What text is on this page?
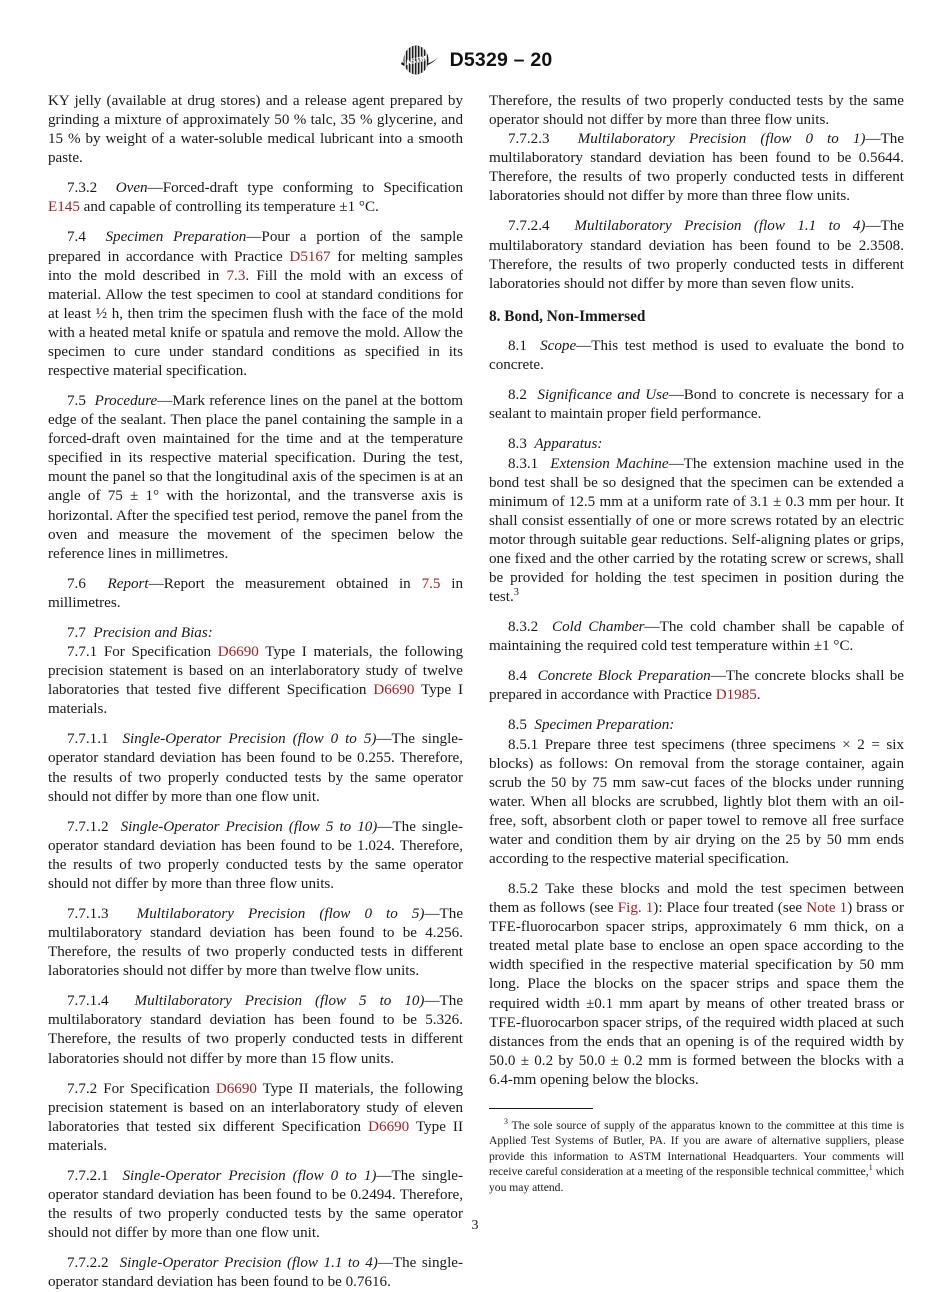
ASTM D5329 – 20

KY jelly (available at drug stores) and a release agent prepared by grinding a mixture of approximately 50 % talc, 35 % glycerine, and 15 % by weight of a water-soluble medical lubricant into a smooth paste.

7.3.2 Oven—Forced-draft type conforming to Specification E145 and capable of controlling its temperature ±1 °C.

7.4 Specimen Preparation—Pour a portion of the sample prepared in accordance with Practice D5167 for melting samples into the mold described in 7.3. Fill the mold with an excess of material. Allow the test specimen to cool at standard conditions for at least ½ h, then trim the specimen flush with the face of the mold with a heated metal knife or spatula and remove the mold. Allow the specimen to cure under standard conditions as specified in its respective material specification.

7.5 Procedure—Mark reference lines on the panel at the bottom edge of the sealant. Then place the panel containing the sample in a forced-draft oven maintained for the time and at the temperature specified in its respective material specification. During the test, mount the panel so that the longitudinal axis of the specimen is at an angle of 75 ± 1° with the horizontal, and the transverse axis is horizontal. After the specified test period, remove the panel from the oven and measure the movement of the specimen below the reference lines in millimetres.

7.6 Report—Report the measurement obtained in 7.5 in millimetres.

7.7 Precision and Bias:

7.7.1 For Specification D6690 Type I materials, the following precision statement is based on an interlaboratory study of twelve laboratories that tested five different Specification D6690 Type I materials.

7.7.1.1 Single-Operator Precision (flow 0 to 5)—The single-operator standard deviation has been found to be 0.255. Therefore, the results of two properly conducted tests by the same operator should not differ by more than one flow unit.

7.7.1.2 Single-Operator Precision (flow 5 to 10)—The single-operator standard deviation has been found to be 1.024. Therefore, the results of two properly conducted tests by the same operator should not differ by more than three flow units.

7.7.1.3 Multilaboratory Precision (flow 0 to 5)—The multilaboratory standard deviation has been found to be 4.256. Therefore, the results of two properly conducted tests in different laboratories should not differ by more than twelve flow units.

7.7.1.4 Multilaboratory Precision (flow 5 to 10)—The multilaboratory standard deviation has been found to be 5.326. Therefore, the results of two properly conducted tests in different laboratories should not differ by more than 15 flow units.

7.7.2 For Specification D6690 Type II materials, the following precision statement is based on an interlaboratory study of eleven laboratories that tested six different Specification D6690 Type II materials.

7.7.2.1 Single-Operator Precision (flow 0 to 1)—The single-operator standard deviation has been found to be 0.2494. Therefore, the results of two properly conducted tests by the same operator should not differ by more than one flow unit.

7.7.2.2 Single-Operator Precision (flow 1.1 to 4)—The single-operator standard deviation has been found to be 0.7616.

Therefore, the results of two properly conducted tests by the same operator should not differ by more than three flow units.

7.7.2.3 Multilaboratory Precision (flow 0 to 1)—The multilaboratory standard deviation has been found to be 0.5644. Therefore, the results of two properly conducted tests in different laboratories should not differ by more than three flow units.

7.7.2.4 Multilaboratory Precision (flow 1.1 to 4)—The multilaboratory standard deviation has been found to be 2.3508. Therefore, the results of two properly conducted tests in different laboratories should not differ by more than seven flow units.

8. Bond, Non-Immersed

8.1 Scope—This test method is used to evaluate the bond to concrete.

8.2 Significance and Use—Bond to concrete is necessary for a sealant to maintain proper field performance.

8.3 Apparatus:

8.3.1 Extension Machine—The extension machine used in the bond test shall be so designed that the specimen can be extended a minimum of 12.5 mm at a uniform rate of 3.1 ± 0.3 mm per hour. It shall consist essentially of one or more screws rotated by an electric motor through suitable gear reductions. Self-aligning plates or grips, one fixed and the other carried by the rotating screw or screws, shall be provided for holding the test specimen in position during the test.$^3$

8.3.2 Cold Chamber—The cold chamber shall be capable of maintaining the required cold test temperature within ±1 °C.

8.4 Concrete Block Preparation—The concrete blocks shall be prepared in accordance with Practice D1985.

8.5 Specimen Preparation:

8.5.1 Prepare three test specimens (three specimens × 2 = six blocks) as follows: On removal from the storage container, again scrub the 50 by 75 mm saw-cut faces of the blocks under running water. When all blocks are scrubbed, lightly blot them with an oil-free, soft, absorbent cloth or paper towel to remove all free surface water and condition them by air drying on the 25 by 50 mm ends according to the respective material specification.

8.5.2 Take these blocks and mold the test specimen between them as follows (see Fig. 1): Place four treated (see Note 1) brass or TFE-fluorocarbon spacer strips, approximately 6 mm thick, on a treated metal plate base to enclose an open space according to the width specified in the respective material specification by 50 mm long. Place the blocks on the spacer strips and space them the required width ±0.1 mm apart by means of other treated brass or TFE-fluorocarbon spacer strips, of the required width placed at such distances from the ends that an opening is of the required width by 50.0 ± 0.2 by 50.0 ± 0.2 mm is formed between the blocks with a 6.4-mm opening below the blocks.

$^3$ The sole source of supply of the apparatus known to the committee at this time is Applied Test Systems of Butler, PA. If you are aware of alternative suppliers, please provide this information to ASTM International Headquarters. Your comments will receive careful consideration at a meeting of the responsible technical committee,$^1$ which you may attend.

3
